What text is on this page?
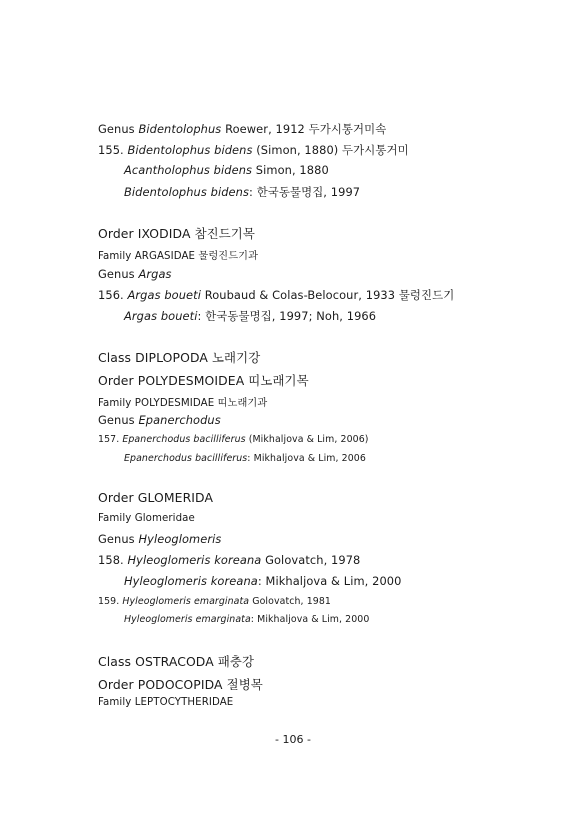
Genus Bidentolophus Roewer, 1912 두가시통거미속
155. Bidentolophus bidens (Simon, 1880) 두가시통거미
Acantholophus bidens Simon, 1880
Bidentolophus bidens: 한국동물명집, 1997
Order IXODIDA 참진드기목
Family ARGASIDAE 물렁진드기과
Genus Argas
156. Argas boueti Roubaud & Colas-Belocour, 1933 물렁진드기
Argas boueti: 한국동물명집, 1997; Noh, 1966
Class DIPLOPODA 노래기강
Order POLYDESMOIDEA 띠노래기목
Family POLYDESMIDAE 띠노래기과
Genus Epanerchodus
157. Epanerchodus bacilliferus (Mikhaljova & Lim, 2006)
Epanerchodus bacilliferus: Mikhaljova & Lim, 2006
Order GLOMERIDA
Family Glomeridae
Genus Hyleoglomeris
158. Hyleoglomeris koreana Golovatch, 1978
Hyleoglomeris koreana: Mikhaljova & Lim, 2000
159. Hyleoglomeris emarginata Golovatch, 1981
Hyleoglomeris emarginata: Mikhaljova & Lim, 2000
Class OSTRACODA 패충강
Order PODOCOPIDA 절병목
Family LEPTOCYTHERIDAE
- 106 -
